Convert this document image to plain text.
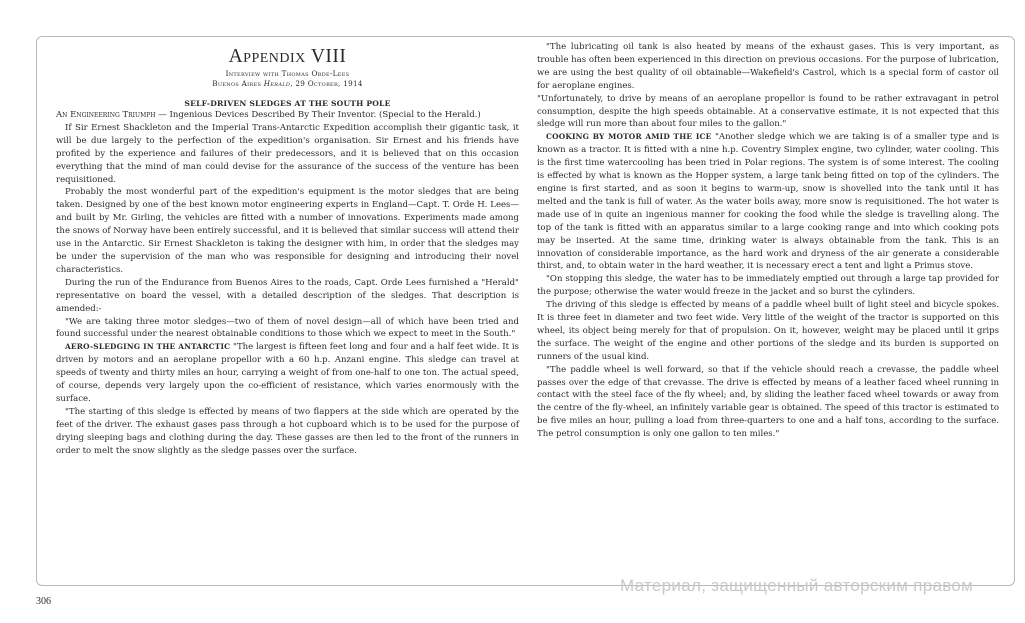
Appendix VIII
Interview with Thomas Orde-Lees
Buenos Aires Herald, 29 October, 1914
SELF-DRIVEN SLEDGES AT THE SOUTH POLE

An Engineering Triumph — Ingenious Devices Described By Their Inventor. (Special to the Herald.)

If Sir Ernest Shackleton and the Imperial Trans-Antarctic Expedition accomplish their gigantic task, it will be due largely to the perfection of the expedition's organisation. Sir Ernest and his friends have profited by the experience and failures of their predecessors, and it is believed that on this occasion everything that the mind of man could devise for the assurance of the success of the venture has been requisitioned.

Probably the most wonderful part of the expedition's equipment is the motor sledges that are being taken. Designed by one of the best known motor engineering experts in England—Capt. T. Orde H. Lees—and built by Mr. Girling, the vehicles are fitted with a number of innovations. Experiments made among the snows of Norway have been entirely successful, and it is believed that similar success will attend their use in the Antarctic. Sir Ernest Shackleton is taking the designer with him, in order that the sledges may be under the supervision of the man who was responsible for designing and introducing their novel characteristics.

During the run of the Endurance from Buenos Aires to the roads, Capt. Orde Lees furnished a "Herald" representative on board the vessel, with a detailed description of the sledges. That description is amended:-

"We are taking three motor sledges—two of them of novel design—all of which have been tried and found successful under the nearest obtainable conditions to those which we expect to meet in the South."

AERO-SLEDGING IN THE ANTARCTIC "The largest is fifteen feet long and four and a half feet wide. It is driven by motors and an aeroplane propellor with a 60 h.p. Anzani engine. This sledge can travel at speeds of twenty and thirty miles an hour, carrying a weight of from one-half to one ton. The actual speed, of course, depends very largely upon the co-efficient of resistance, which varies enormously with the surface.

"The starting of this sledge is effected by means of two flappers at the side which are operated by the feet of the driver. The exhaust gases pass through a hot cupboard which is to be used for the purpose of drying sleeping bags and clothing during the day. These gasses are then led to the front of the runners in order to melt the snow slightly as the sledge passes over the surface.

"The lubricating oil tank is also heated by means of the exhaust gases. This is very important, as trouble has often been experienced in this direction on previous occasions. For the purpose of lubrication, we are using the best quality of oil obtainable—Wakefield's Castrol, which is a special form of castor oil for aeroplane engines.

"Unfortunately, to drive by means of an aeroplane propellor is found to be rather extravagant in petrol consumption, despite the high speeds obtainable. At a conservative estimate, it is not expected that this sledge will run more than about four miles to the gallon."

COOKING BY MOTOR AMID THE ICE "Another sledge which we are taking is of a smaller type and is known as a tractor. It is fitted with a nine h.p. Coventry Simplex engine, two cylinder, water cooling. This is the first time watercooling has been tried in Polar regions. The system is of some interest. The cooling is effected by what is known as the Hopper system, a large tank being fitted on top of the cylinders. The engine is first started, and as soon it begins to warm-up, snow is shovelled into the tank until it has melted and the tank is full of water. As the water boils away, more snow is requisitioned. The hot water is made use of in quite an ingenious manner for cooking the food while the sledge is travelling along. The top of the tank is fitted with an apparatus similar to a large cooking range and into which cooking pots may be inserted. At the same time, drinking water is always obtainable from the tank. This is an innovation of considerable importance, as the hard work and dryness of the air generate a considerable thirst, and, to obtain water in the hard weather, it is necessary erect a tent and light a Primus stove.

"On stopping this sledge, the water has to be immediately emptied out through a large tap provided for the purpose; otherwise the water would freeze in the jacket and so burst the cylinders.

The driving of this sledge is effected by means of a paddle wheel built of light steel and bicycle spokes. It is three feet in diameter and two feet wide. Very little of the weight of the tractor is supported on this wheel, its object being merely for that of propulsion. On it, however, weight may be placed until it grips the surface. The weight of the engine and other portions of the sledge and its burden is supported on runners of the usual kind.

"The paddle wheel is well forward, so that if the vehicle should reach a crevasse, the paddle wheel passes over the edge of that crevasse. The drive is effected by means of a leather faced wheel running in contact with the steel face of the fly wheel; and, by sliding the leather faced wheel towards or away from the centre of the fly-wheel, an infinitely variable gear is obtained. The speed of this tractor is estimated to be five miles an hour, pulling a load from three-quarters to one and a half tons, according to the surface. The petrol consumption is only one gallon to ten miles."

Материал, защищенный авторским правом
306
